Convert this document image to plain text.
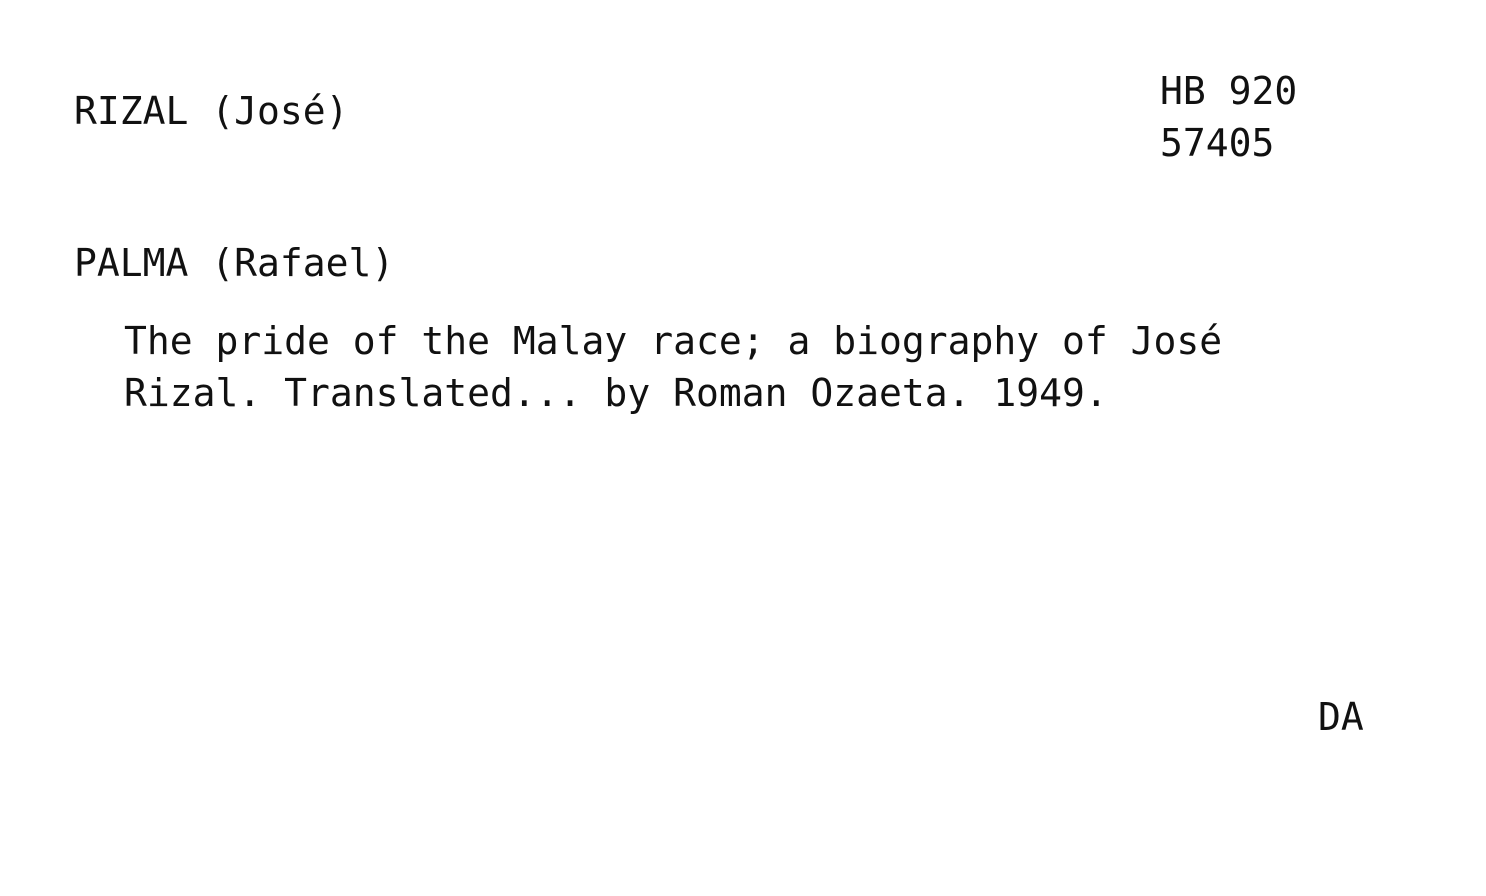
RIZAL (José)	HB 920
57405
PALMA (Rafael)
The pride of the Malay race; a biography of José
Rizal. Translated... by Roman Ozaeta. 1949.
DA
